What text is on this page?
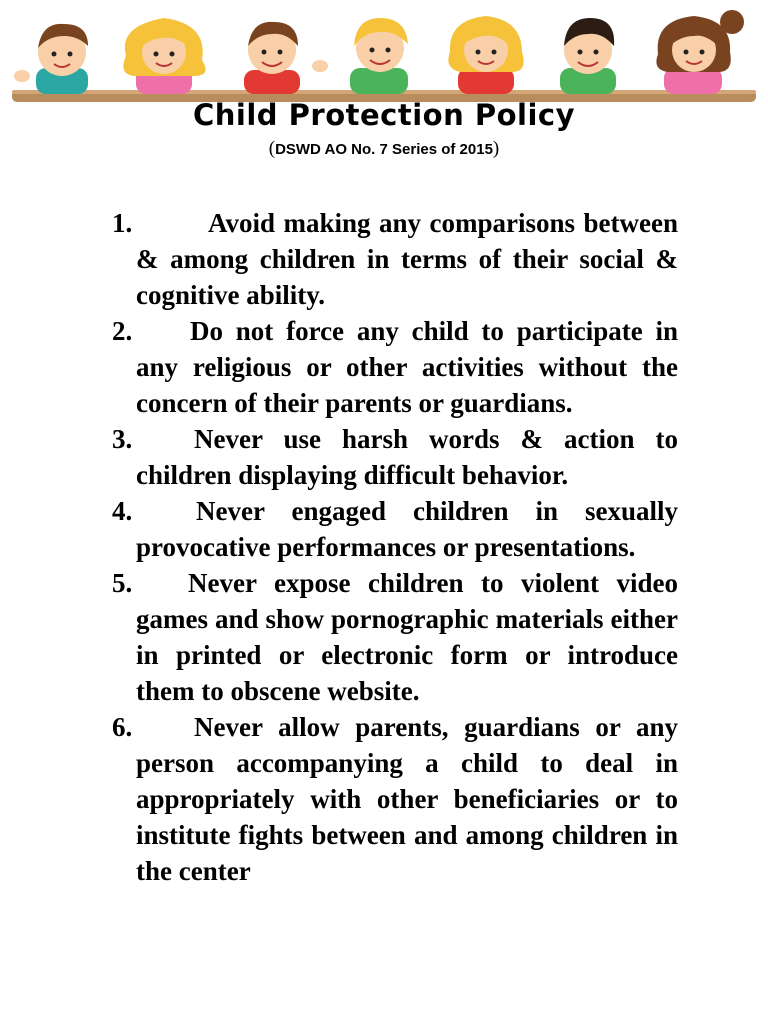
Child Protection Policy
(DSWD AO No. 7 Series of 2015)
1.	Avoid making any comparisons between & among children in terms of their social & cognitive ability.
2. Do not force any child to participate in any religious or other activities without the concern of their parents or guardians.
3. Never use harsh words & action to children displaying difficult behavior.
4. Never engaged children in sexually provocative performances or presentations.
5. Never expose children to violent video games and show pornographic materials either in printed or electronic form or introduce them to obscene website.
6. Never allow parents, guardians or any person accompanying a child to deal in appropriately with other beneficiaries or to institute fights between and among children in the center
